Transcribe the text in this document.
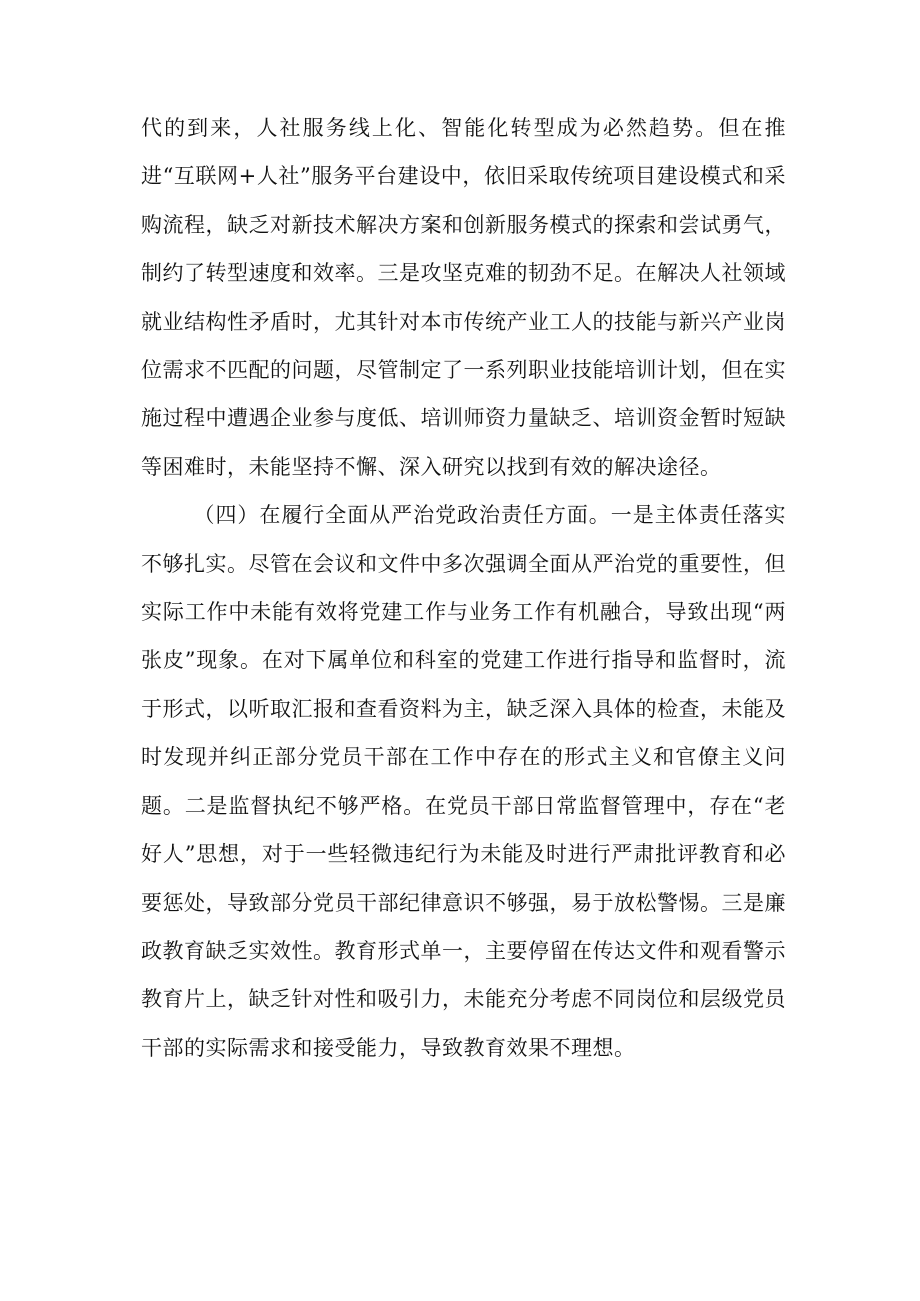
代的到来，人社服务线上化、智能化转型成为必然趋势。但在推进“互联网+人社”服务平台建设中，依旧采取传统项目建设模式和采购流程，缺乏对新技术解决方案和创新服务模式的探索和尝试勇气，制约了转型速度和效率。三是攻坚克难的韧劲不足。在解决人社领域就业结构性矛盾时，尤其针对本市传统产业工人的技能与新兴产业岗位需求不匹配的问题，尽管制定了一系列职业技能培训计划，但在实施过程中遭遇企业参与度低、培训师资力量缺乏、培训资金暂时短缺等困难时，未能坚持不懈、深入研究以找到有效的解决途径。

（四）在履行全面从严治党政治责任方面。一是主体责任落实不够扎实。尽管在会议和文件中多次强调全面从严治党的重要性，但实际工作中未能有效将党建工作与业务工作有机融合，导致出现“两张皮”现象。在对下属单位和科室的党建工作进行指导和监督时，流于形式，以听取汇报和查看资料为主，缺乏深入具体的检查，未能及时发现并纠正部分党员干部在工作中存在的形式主义和官僚主义问题。二是监督执纪不够严格。在党员干部日常监督管理中，存在“老好人”思想，对于一些轻微违纪行为未能及时进行严肃批评教育和必要惩处，导致部分党员干部纪律意识不够强，易于放松警惕。三是廉政教育缺乏实效性。教育形式单一，主要停留在传达文件和观看警示教育片上，缺乏针对性和吸引力，未能充分考虑不同岗位和层级党员干部的实际需求和接受能力，导致教育效果不理想。
